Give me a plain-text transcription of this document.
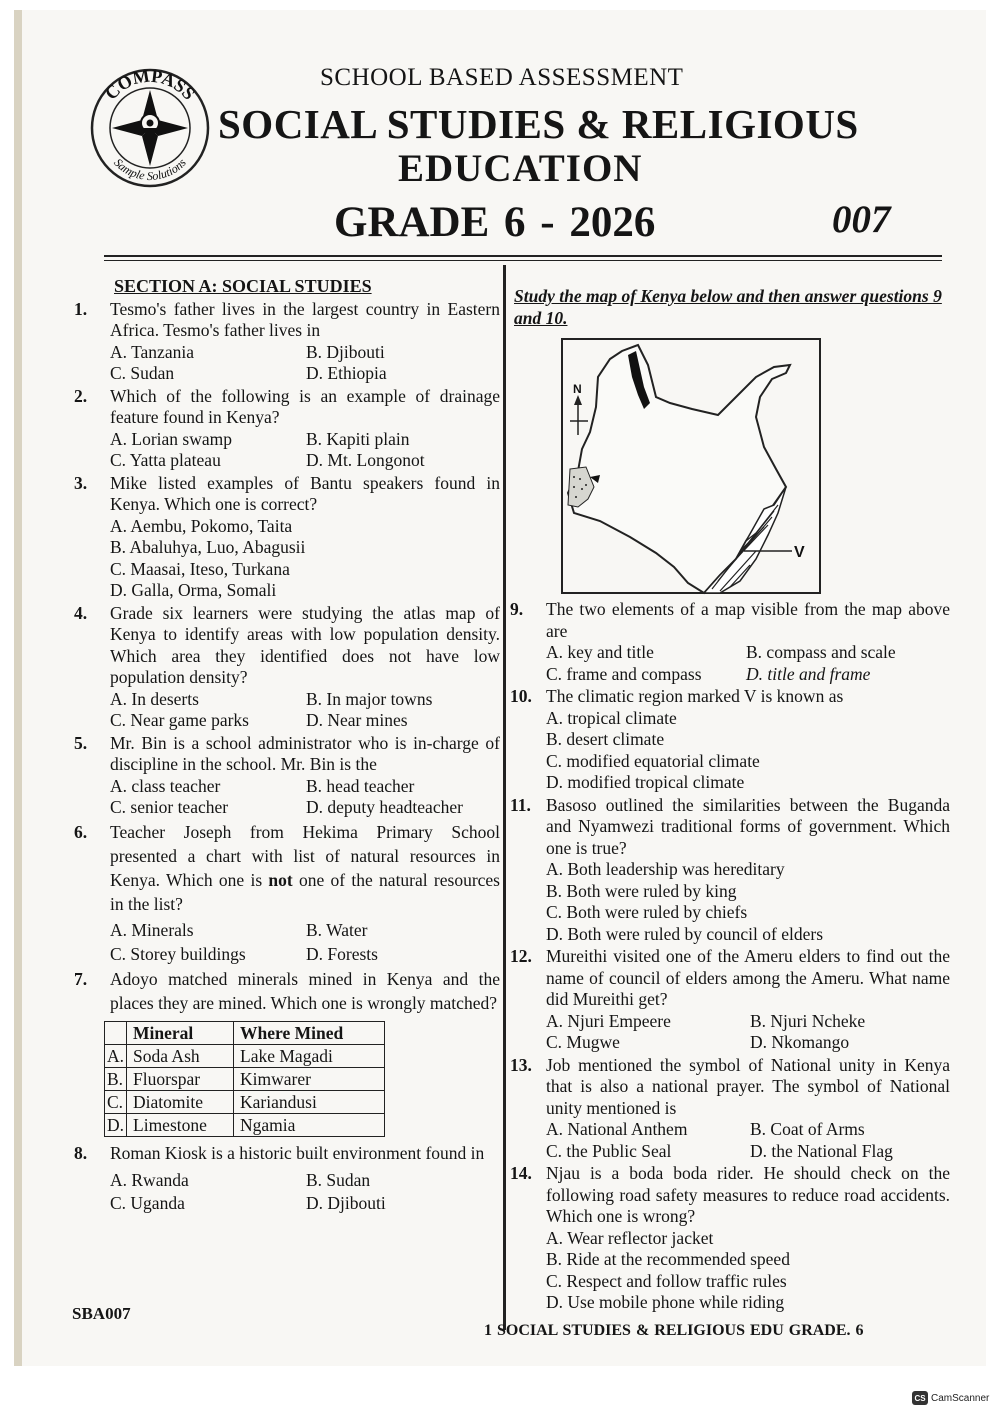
COMPASS
Sample Solutions
SCHOOL BASED ASSESSMENT
SOCIAL STUDIES & RELIGIOUS
EDUCATION
GRADE 6 - 2026	007
SECTION A: SOCIAL STUDIES
1.	Tesmo's father lives in the largest country in Eastern Africa. Tesmo's father lives in
A. Tanzania	B. Djibouti
C. Sudan	D. Ethiopia
2.	Which of the following is an example of drainage feature found in Kenya?
A. Lorian swamp	B. Kapiti plain
C. Yatta plateau	D. Mt. Longonot
3.	Mike listed examples of Bantu speakers found in Kenya. Which one is correct?
A. Aembu, Pokomo, Taita
B. Abaluhya, Luo, Abagusii
C. Maasai, Iteso, Turkana
D. Galla, Orma, Somali
4.	Grade six learners were studying the atlas map of Kenya to identify areas with low population density. Which area they identified does not have low population density?
A. In deserts	B. In major towns
C. Near game parks	D. Near mines
5.	Mr. Bin is a school administrator who is in-charge of discipline in the school. Mr. Bin is the
A. class teacher	B. head teacher
C. senior teacher	D. deputy headteacher
6.	Teacher Joseph from Hekima Primary School presented a chart with list of natural resources in Kenya. Which one is not one of the natural resources in the list?
A. Minerals	B. Water
C. Storey buildings	D. Forests
7.	Adoyo matched minerals mined in Kenya and the places they are mined. Which one is wrongly matched?
	Mineral	Where Mined
A.	Soda Ash	Lake Magadi
B.	Fluorspar	Kimwarer
C.	Diatomite	Kariandusi
D.	Limestone	Ngamia
8.	Roman Kiosk is a historic built environment found in
A. Rwanda	B. Sudan
C. Uganda	D. Djibouti
Study the map of Kenya below and then answer questions 9 and 10.
V
N
9.	The two elements of a map visible from the map above are
A. key and title	B. compass and scale
C. frame and compass	D. title and frame
10. The climatic region marked V is known as
A. tropical climate
B. desert climate
C. modified equatorial climate
D. modified tropical climate
11. Basoso outlined the similarities between the Buganda and Nyamwezi traditional forms of government. Which one is true?
A. Both leadership was hereditary
B. Both were ruled by king
C. Both were ruled by chiefs
D. Both were ruled by council of elders
12. Mureithi visited one of the Ameru elders to find out the name of council of elders among the Ameru. What name did Mureithi get?
A. Njuri Empeere	B. Njuri Ncheke
C. Mugwe	D. Nkomango
13. Job mentioned the symbol of National unity in Kenya that is also a national prayer. The symbol of National unity mentioned is
A. National Anthem	B. Coat of Arms
C. the Public Seal	D. the National Flag
14. Njau is a boda boda rider. He should check on the following road safety measures to reduce road accidents. Which one is wrong?
A. Wear reflector jacket
B. Ride at the recommended speed
C. Respect and follow traffic rules
D. Use mobile phone while riding
SBA007
1 SOCIAL STUDIES & RELIGIOUS EDU GRADE. 6
CS CamScanner
